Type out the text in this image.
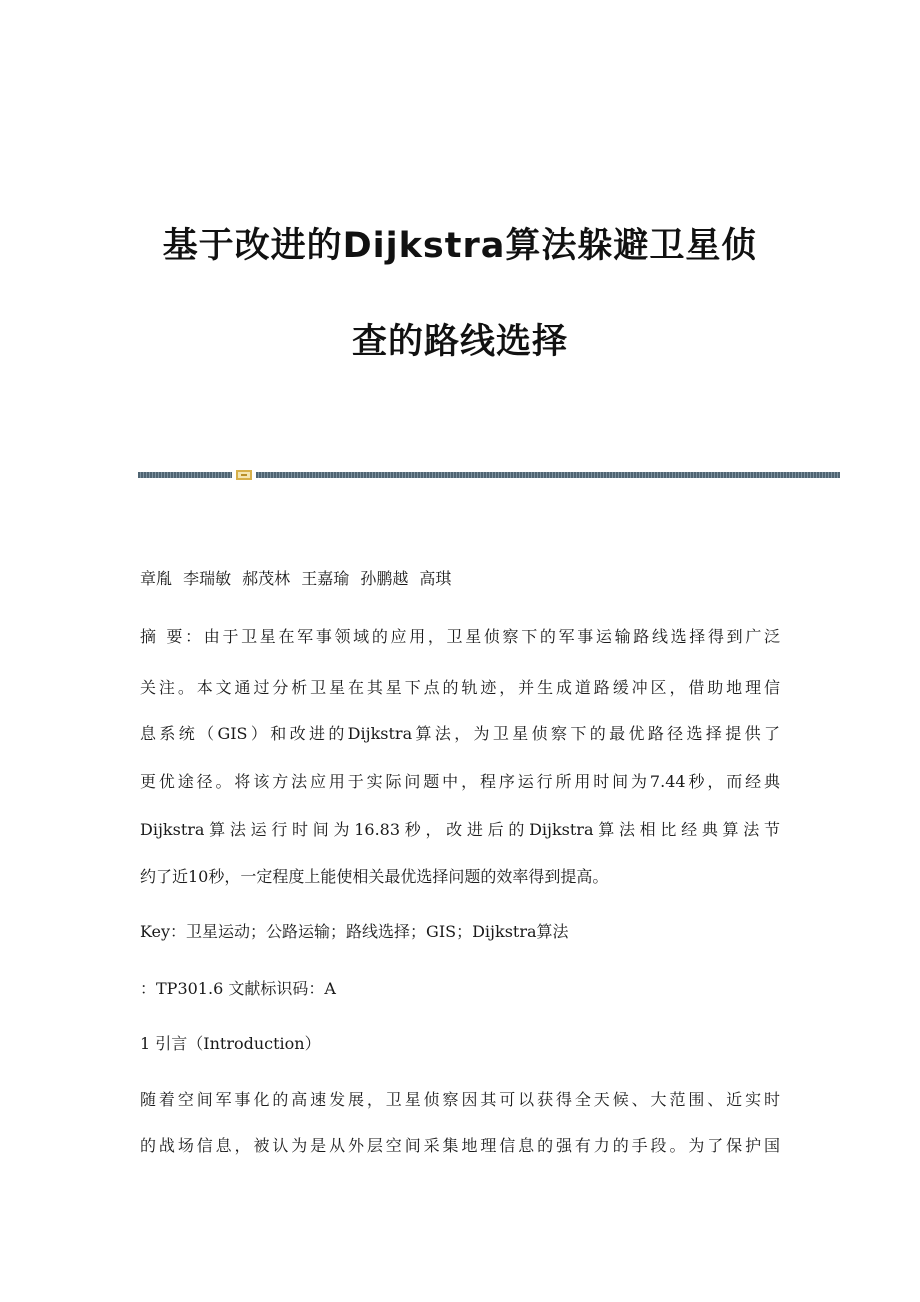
基于改进的Dijkstra算法躲避卫星侦
查的路线选择

章胤 李瑞敏 郝茂林 王嘉瑜 孙鹏越 高琪

摘 要：由于卫星在军事领域的应用，卫星侦察下的军事运输路线选择得到广泛

关注。本文通过分析卫星在其星下点的轨迹，并生成道路缓冲区，借助地理信

息系统（GIS）和改进的Dijkstra算法，为卫星侦察下的最优路径选择提供了

更优途径。将该方法应用于实际问题中，程序运行所用时间为7.44秒，而经典

Dijkstra算法运行时间为16.83秒，改进后的Dijkstra算法相比经典算法节

约了近10秒，一定程度上能使相关最优选择问题的效率得到提高。

Key：卫星运动；公路运输；路线选择；GIS；Dijkstra算法

：TP301.6 文献标识码：A

1 引言（Introduction）

随着空间军事化的高速发展，卫星侦察因其可以获得全天候、大范围、近实时

的战场信息，被认为是从外层空间采集地理信息的强有力的手段。为了保护国
